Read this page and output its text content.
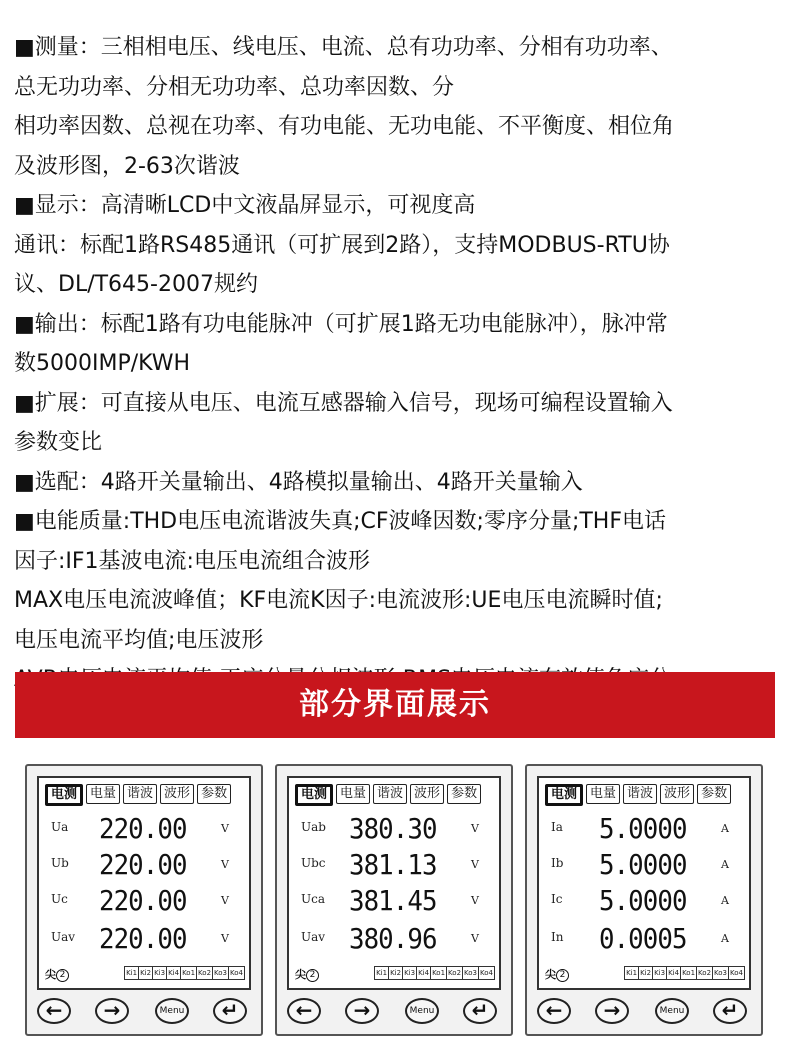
■测量：三相相电压、线电压、电流、总有功功率、分相有功功率、

总无功功率、分相无功功率、总功率因数、分

相功率因数、总视在功率、有功电能、无功电能、不平衡度、相位角

及波形图，2-63次谐波

■显示：高清晰LCD中文液晶屏显示，可视度高

通讯：标配1路RS485通讯（可扩展到2路），支持MODBUS-RTU协

议、DL/T645-2007规约

■输出：标配1路有功电能脉冲（可扩展1路无功电能脉冲），脉冲常

数5000IMP/KWH

■扩展：可直接从电压、电流互感器输入信号，现场可编程设置输入

参数变比

■选配：4路开关量输出、4路模拟量输出、4路开关量输入

■电能质量:THD电压电流谐波失真;CF波峰因数;零序分量;THF电话

因子:IF1基波电流:电压电流组合波形

MAX电压电流波峰值；KF电流K因子:电流波形:UE电压电流瞬时值;

电压电流平均值;电压波形

部分界面展示
电测	电量 谐波 波形 参数
Ua 220.00	V
Ub 220.00	V
Uc 220.00	V
Uav 220.00	V
尖 2	Ki1 Ki2 Ki3 Ki4 Ko1 Ko2 Ko3 Ko4
←	→	Menu	↵
电测	电量 谐波 波形 参数
Uab 380.30	V
Ubc 381.13	V
Uca 381.45	V
Uav 380.96	V
尖 2	Ki1 Ki2 Ki3 Ki4 Ko1 Ko2 Ko3 Ko4
←	→	Menu	↵
电测	电量 谐波 波形 参数
Ia 5.0000	A
Ib 5.0000	A
Ic 5.0000	A
In 0.0005	A
尖 2	Ki1 Ki2 Ki3 Ki4 Ko1 Ko2 Ko3 Ko4
←	→	Menu	↵
